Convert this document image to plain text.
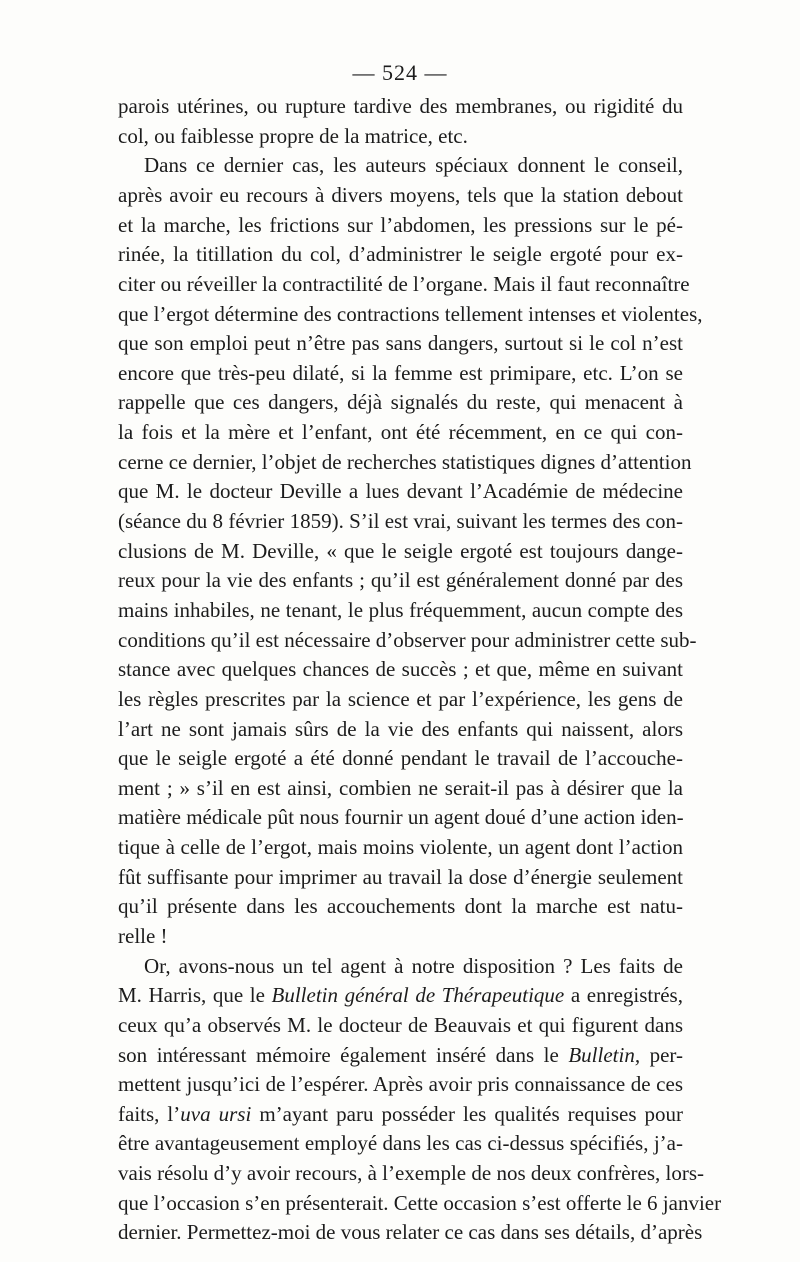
— 524 —
parois utérines, ou rupture tardive des membranes, ou rigidité du
col, ou faiblesse propre de la matrice, etc.
Dans ce dernier cas, les auteurs spéciaux donnent le conseil,
après avoir eu recours à divers moyens, tels que la station debout
et la marche, les frictions sur l’abdomen, les pressions sur le pé-
rinée, la titillation du col, d’administrer le seigle ergoté pour ex-
citer ou réveiller la contractilité de l’organe. Mais il faut reconnaître
que l’ergot détermine des contractions tellement intenses et violentes,
que son emploi peut n’être pas sans dangers, surtout si le col n’est
encore que très-peu dilaté, si la femme est primipare, etc. L’on se
rappelle que ces dangers, déjà signalés du reste, qui menacent à
la fois et la mère et l’enfant, ont été récemment, en ce qui con-
cerne ce dernier, l’objet de recherches statistiques dignes d’attention
que M. le docteur Deville a lues devant l’Académie de médecine
(séance du 8 février 1859). S’il est vrai, suivant les termes des con-
clusions de M. Deville, « que le seigle ergoté est toujours dange-
reux pour la vie des enfants ; qu’il est généralement donné par des
mains inhabiles, ne tenant, le plus fréquemment, aucun compte des
conditions qu’il est nécessaire d’observer pour administrer cette sub-
stance avec quelques chances de succès ; et que, même en suivant
les règles prescrites par la science et par l’expérience, les gens de
l’art ne sont jamais sûrs de la vie des enfants qui naissent, alors
que le seigle ergoté a été donné pendant le travail de l’accouche-
ment ; » s’il en est ainsi, combien ne serait-il pas à désirer que la
matière médicale pût nous fournir un agent doué d’une action iden-
tique à celle de l’ergot, mais moins violente, un agent dont l’action
fût suffisante pour imprimer au travail la dose d’énergie seulement
qu’il présente dans les accouchements dont la marche est natu-
relle !
Or, avons-nous un tel agent à notre disposition ? Les faits de
M. Harris, que le Bulletin général de Thérapeutique a enregistrés,
ceux qu’a observés M. le docteur de Beauvais et qui figurent dans
son intéressant mémoire également inséré dans le Bulletin, per-
mettent jusqu’ici de l’espérer. Après avoir pris connaissance de ces
faits, l’uva ursi m’ayant paru posséder les qualités requises pour
être avantageusement employé dans les cas ci-dessus spécifiés, j’a-
vais résolu d’y avoir recours, à l’exemple de nos deux confrères, lors-
que l’occasion s’en présenterait. Cette occasion s’est offerte le 6 janvier
dernier. Permettez-moi de vous relater ce cas dans ses détails, d’après
